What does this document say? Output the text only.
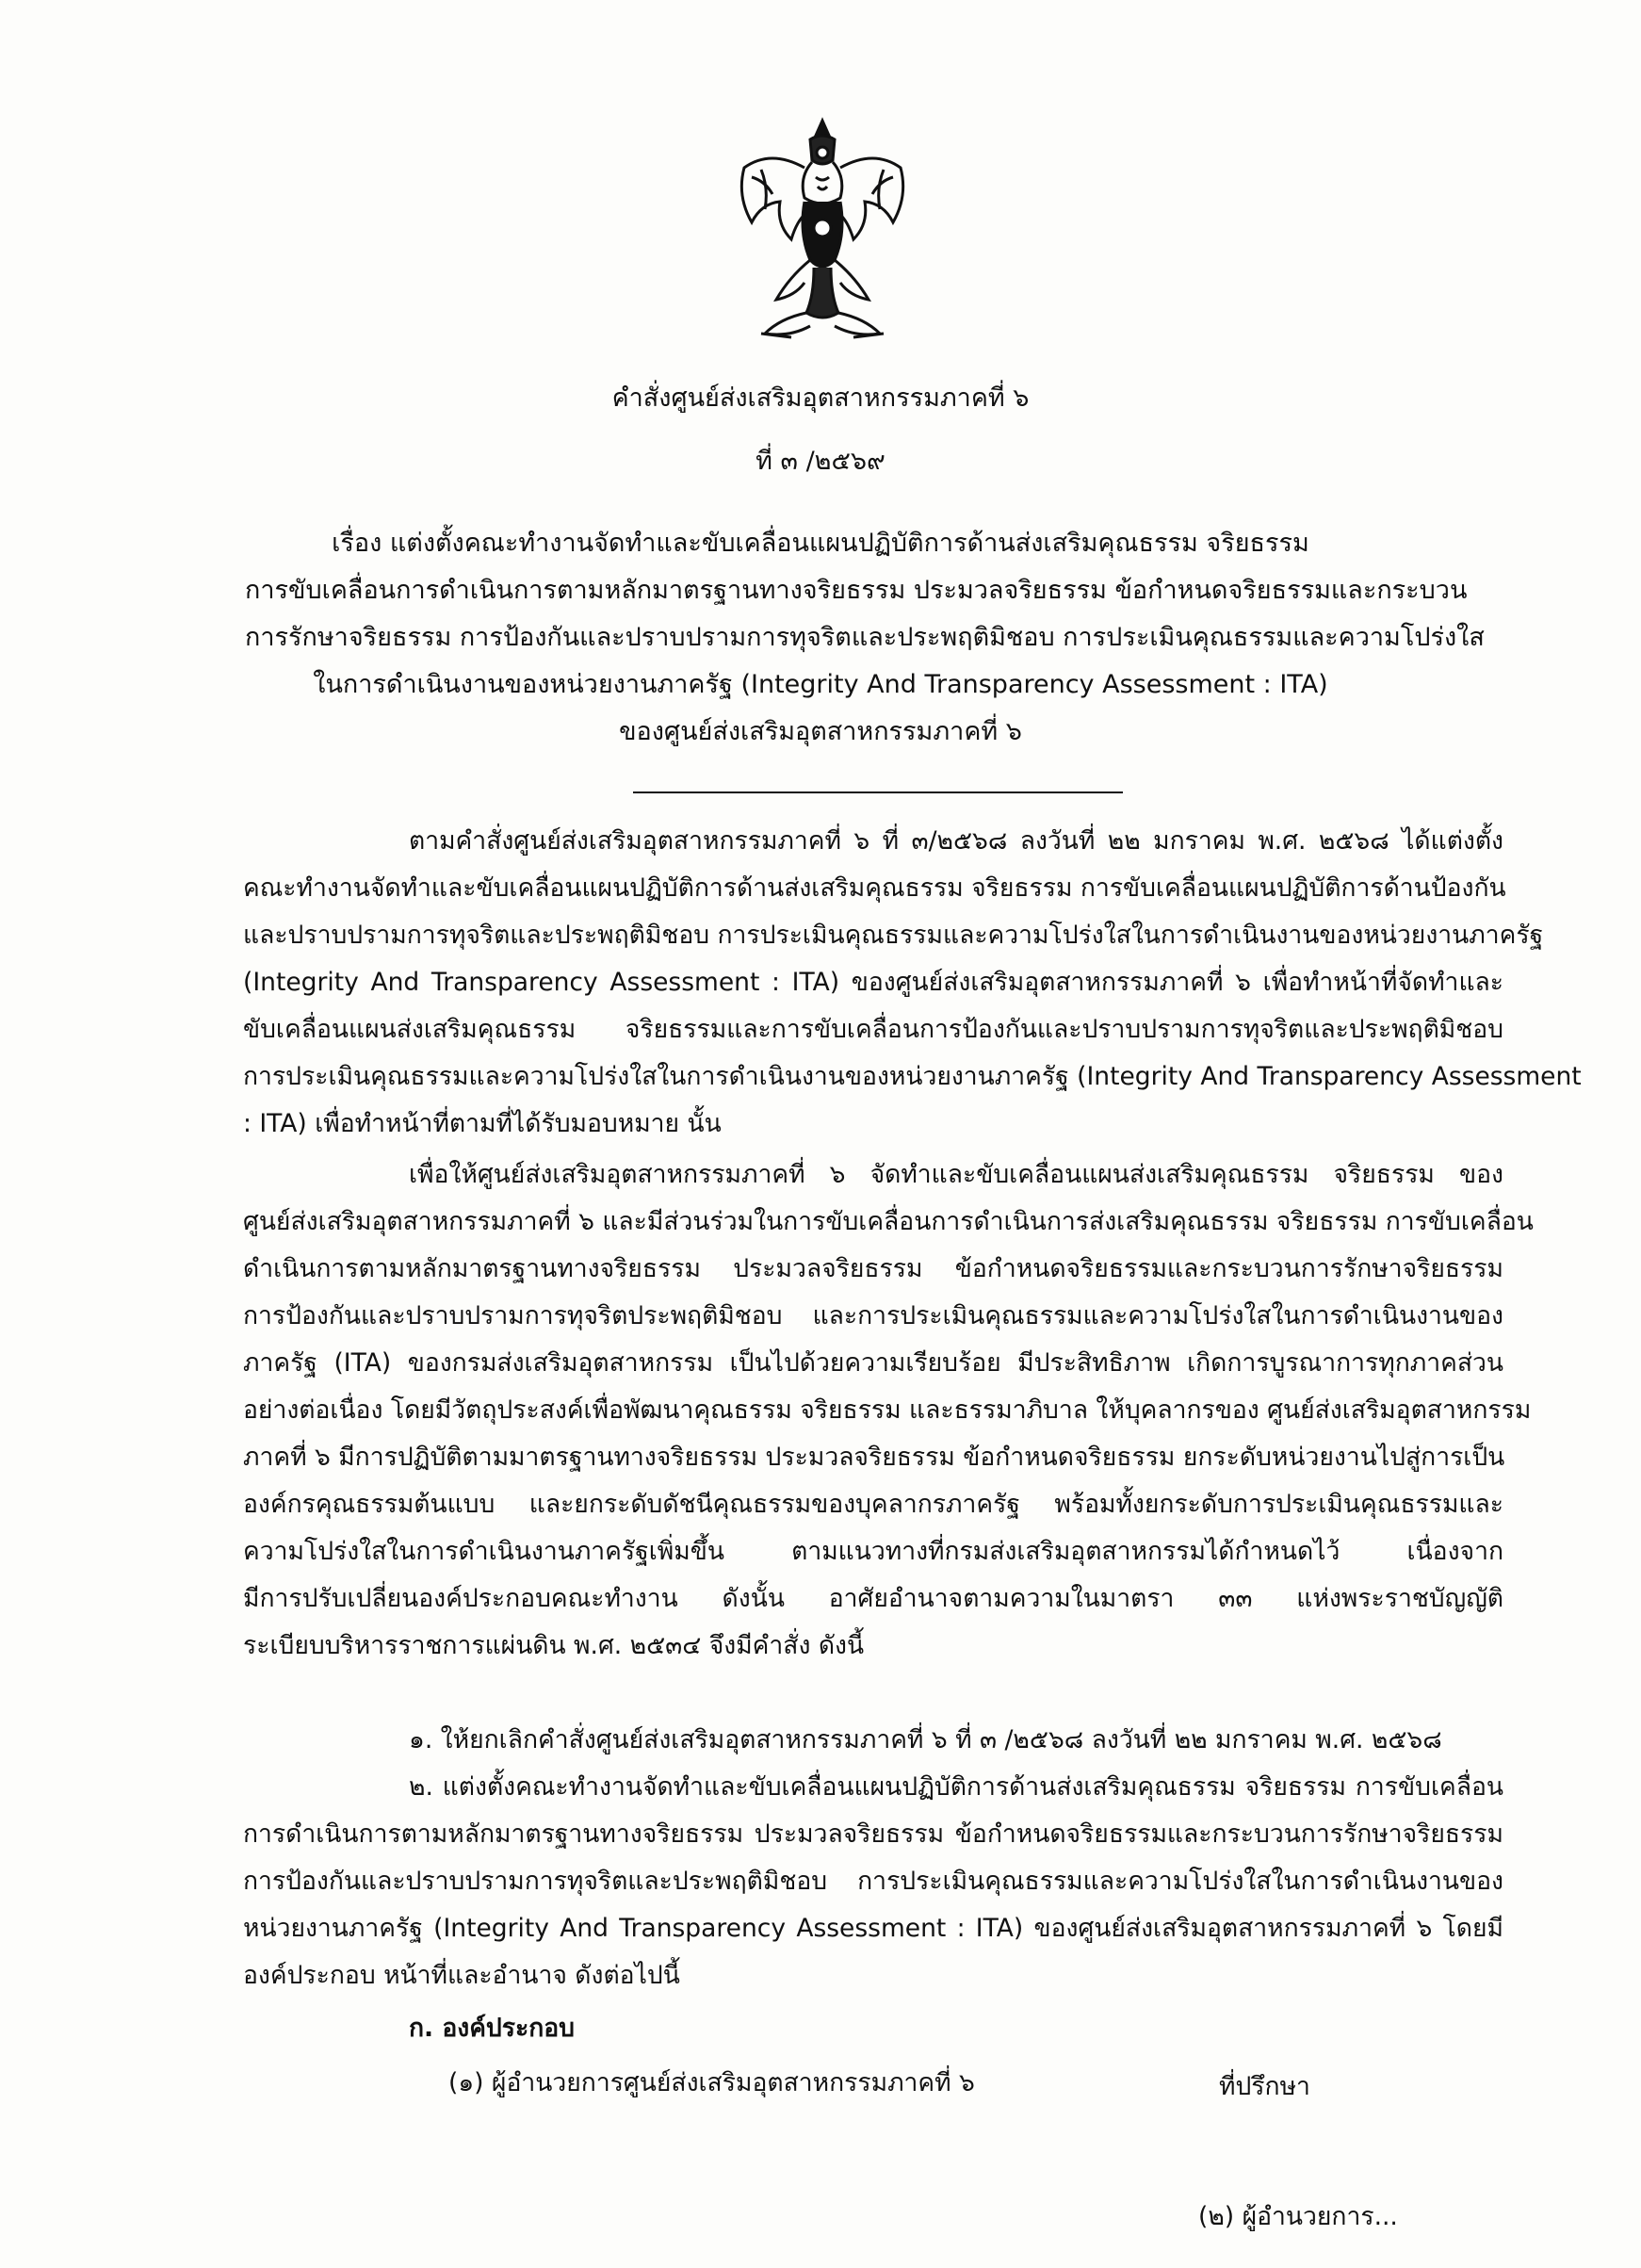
คำสั่งศูนย์ส่งเสริมอุตสาหกรรมภาคที่ ๖
ที่ ๓ /๒๕๖๙
เรื่อง แต่งตั้งคณะทำงานจัดทำและขับเคลื่อนแผนปฏิบัติการด้านส่งเสริมคุณธรรม จริยธรรม
การขับเคลื่อนการดำเนินการตามหลักมาตรฐานทางจริยธรรม ประมวลจริยธรรม ข้อกำหนดจริยธรรมและกระบวน
การรักษาจริยธรรม การป้องกันและปราบปรามการทุจริตและประพฤติมิชอบ การประเมินคุณธรรมและความโปร่งใส
ในการดำเนินงานของหน่วยงานภาครัฐ (Integrity And Transparency Assessment : ITA)
ของศูนย์ส่งเสริมอุตสาหกรรมภาคที่ ๖
ตามคำสั่งศูนย์ส่งเสริมอุตสาหกรรมภาคที่ ๖ ที่ ๓/๒๕๖๘ ลงวันที่ ๒๒ มกราคม พ.ศ. ๒๕๖๘ ได้แต่งตั้ง
คณะทำงานจัดทำและขับเคลื่อนแผนปฏิบัติการด้านส่งเสริมคุณธรรม จริยธรรม การขับเคลื่อนแผนปฏิบัติการด้านป้องกัน
และปราบปรามการทุจริตและประพฤติมิชอบ การประเมินคุณธรรมและความโปร่งใสในการดำเนินงานของหน่วยงานภาครัฐ
(Integrity And Transparency Assessment : ITA) ของศูนย์ส่งเสริมอุตสาหกรรมภาคที่ ๖ เพื่อทำหน้าที่จัดทำและ
ขับเคลื่อนแผนส่งเสริมคุณธรรม จริยธรรมและการขับเคลื่อนการป้องกันและปราบปรามการทุจริตและประพฤติมิชอบ
การประเมินคุณธรรมและความโปร่งใสในการดำเนินงานของหน่วยงานภาครัฐ (Integrity And Transparency Assessment
: ITA) เพื่อทำหน้าที่ตามที่ได้รับมอบหมาย นั้น
เพื่อให้ศูนย์ส่งเสริมอุตสาหกรรมภาคที่ ๖ จัดทำและขับเคลื่อนแผนส่งเสริมคุณธรรม จริยธรรม ของ
ศูนย์ส่งเสริมอุตสาหกรรมภาคที่ ๖ และมีส่วนร่วมในการขับเคลื่อนการดำเนินการส่งเสริมคุณธรรม จริยธรรม การขับเคลื่อน
ดำเนินการตามหลักมาตรฐานทางจริยธรรม ประมวลจริยธรรม ข้อกำหนดจริยธรรมและกระบวนการรักษาจริยธรรม
การป้องกันและปราบปรามการทุจริตประพฤติมิชอบ และการประเมินคุณธรรมและความโปร่งใสในการดำเนินงานของ
ภาครัฐ (ITA) ของกรมส่งเสริมอุตสาหกรรม เป็นไปด้วยความเรียบร้อย มีประสิทธิภาพ เกิดการบูรณาการทุกภาคส่วน
อย่างต่อเนื่อง โดยมีวัตถุประสงค์เพื่อพัฒนาคุณธรรม จริยธรรม และธรรมาภิบาล ให้บุคลากรของ ศูนย์ส่งเสริมอุตสาหกรรม
ภาคที่ ๖ มีการปฏิบัติตามมาตรฐานทางจริยธรรม ประมวลจริยธรรม ข้อกำหนดจริยธรรม ยกระดับหน่วยงานไปสู่การเป็น
องค์กรคุณธรรมต้นแบบ และยกระดับดัชนีคุณธรรมของบุคลากรภาครัฐ พร้อมทั้งยกระดับการประเมินคุณธรรมและ
ความโปร่งใสในการดำเนินงานภาครัฐเพิ่มขึ้น ตามแนวทางที่กรมส่งเสริมอุตสาหกรรมได้กำหนดไว้ เนื่องจาก
มีการปรับเปลี่ยนองค์ประกอบคณะทำงาน ดังนั้น อาศัยอำนาจตามความในมาตรา ๓๓ แห่งพระราชบัญญัติ
ระเบียบบริหารราชการแผ่นดิน พ.ศ. ๒๕๓๔ จึงมีคำสั่ง ดังนี้
๑. ให้ยกเลิกคำสั่งศูนย์ส่งเสริมอุตสาหกรรมภาคที่ ๖ ที่ ๓ /๒๕๖๘ ลงวันที่ ๒๒ มกราคม พ.ศ. ๒๕๖๘
๒. แต่งตั้งคณะทำงานจัดทำและขับเคลื่อนแผนปฏิบัติการด้านส่งเสริมคุณธรรม จริยธรรม การขับเคลื่อน
การดำเนินการตามหลักมาตรฐานทางจริยธรรม ประมวลจริยธรรม ข้อกำหนดจริยธรรมและกระบวนการรักษาจริยธรรม
การป้องกันและปราบปรามการทุจริตและประพฤติมิชอบ การประเมินคุณธรรมและความโปร่งใสในการดำเนินงานของ
หน่วยงานภาครัฐ (Integrity And Transparency Assessment : ITA) ของศูนย์ส่งเสริมอุตสาหกรรมภาคที่ ๖ โดยมี
องค์ประกอบ หน้าที่และอำนาจ ดังต่อไปนี้
ก. องค์ประกอบ
(๑) ผู้อำนวยการศูนย์ส่งเสริมอุตสาหกรรมภาคที่ ๖	ที่ปรึกษา
(๒) ผู้อำนวยการ...
